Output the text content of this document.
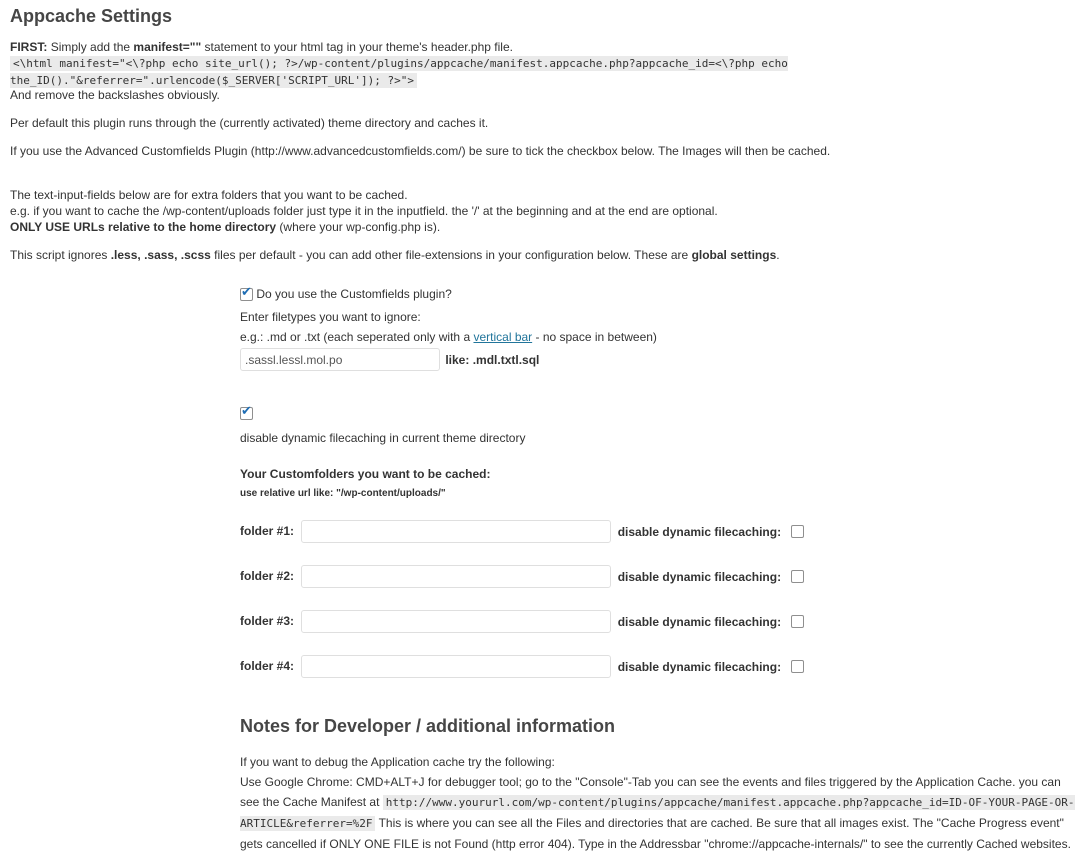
Appcache Settings
FIRST: Simply add the manifest="" statement to your html tag in your theme's header.php file.
<\html manifest="<\?php echo site_url(); ?>/wp-content/plugins/appcache/manifest.appcache.php?appcache_id=<\?php echo the_ID()."&referrer=".urlencode($_SERVER['SCRIPT_URL']); ?>">
And remove the backslashes obviously.
Per default this plugin runs through the (currently activated) theme directory and caches it.
If you use the Advanced Customfields Plugin (http://www.advancedcustomfields.com/) be sure to tick the checkbox below. The Images will then be cached.
The text-input-fields below are for extra folders that you want to be cached.
e.g. if you want to cache the /wp-content/uploads folder just type it in the inputfield. the '/' at the beginning and at the end are optional.
ONLY USE URLs relative to the home directory (where your wp-config.php is).
This script ignores .less, .sass, .scss files per default - you can add other file-extensions in your configuration below. These are global settings.
✔ Do you use the Customfields plugin?
Enter filetypes you want to ignore:
e.g.: .md or .txt (each seperated only with a vertical bar - no space in between)
.sassl.lessl.mol.po like: .mdl.txtl.sql
✔
disable dynamic filecaching in current theme directory
Your Customfolders you want to be cached:
use relative url like: "/wp-content/uploads/"
folder #1:	disable dynamic filecaching:
folder #2:	disable dynamic filecaching:
folder #3:	disable dynamic filecaching:
folder #4:	disable dynamic filecaching:
Notes for Developer / additional information
If you want to debug the Application cache try the following:
Use Google Chrome: CMD+ALT+J for debugger tool; go to the "Console"-Tab you can see the events and files triggered by the Application Cache. you can see the Cache Manifest at http://www.yoururl.com/wp-content/plugins/appcache/manifest.appcache.php?appcache_id=ID-OF-YOUR-PAGE-OR-ARTICLE&referrer=%2F This is where you can see all the Files and directories that are cached. Be sure that all images exist. The "Cache Progress event" gets cancelled if ONLY ONE FILE is not Found (http error 404). Type in the Addressbar "chrome://appcache-internals/" to see the currently Cached websites.
